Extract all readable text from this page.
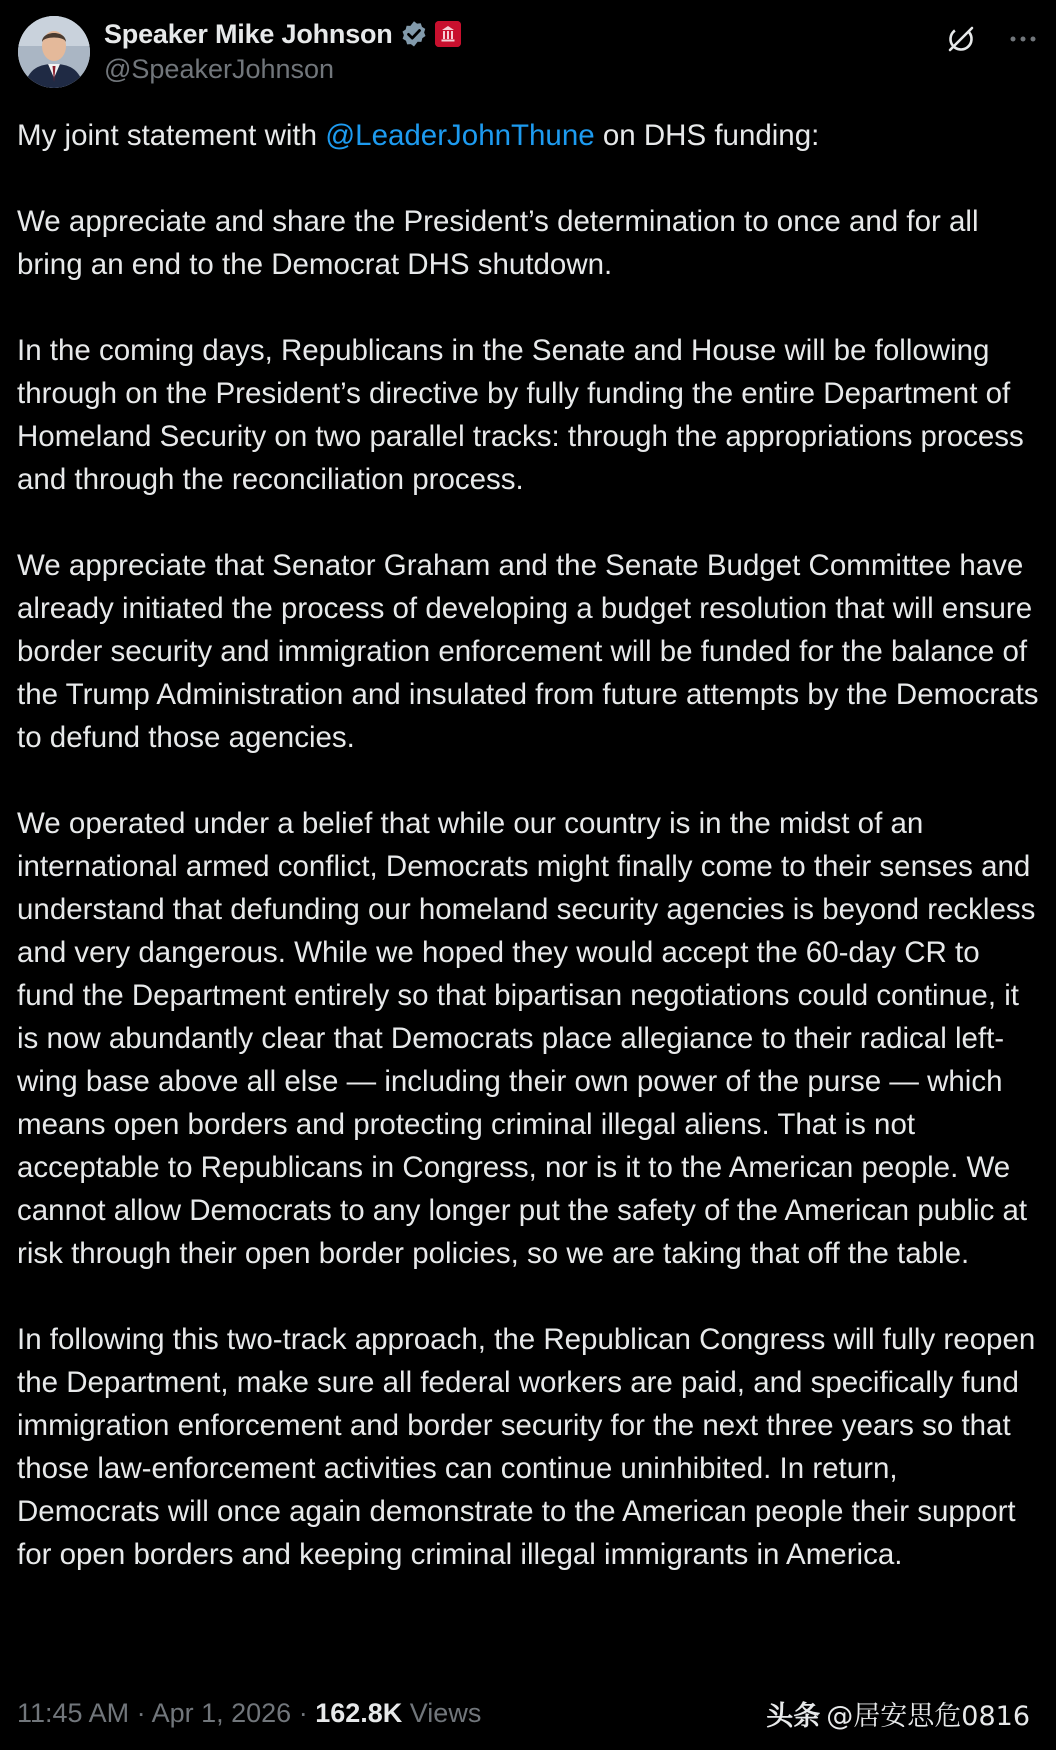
Speaker Mike Johnson
@SpeakerJohnson

My joint statement with @LeaderJohnThune on DHS funding:

We appreciate and share the President’s determination to once and for all bring an end to the Democrat DHS shutdown.

In the coming days, Republicans in the Senate and House will be following through on the President’s directive by fully funding the entire Department of Homeland Security on two parallel tracks: through the appropriations process and through the reconciliation process.

We appreciate that Senator Graham and the Senate Budget Committee have already initiated the process of developing a budget resolution that will ensure border security and immigration enforcement will be funded for the balance of the Trump Administration and insulated from future attempts by the Democrats to defund those agencies.

We operated under a belief that while our country is in the midst of an international armed conflict, Democrats might finally come to their senses and understand that defunding our homeland security agencies is beyond reckless and very dangerous. While we hoped they would accept the 60-day CR to fund the Department entirely so that bipartisan negotiations could continue, it is now abundantly clear that Democrats place allegiance to their radical left-wing base above all else — including their own power of the purse — which means open borders and protecting criminal illegal aliens. That is not acceptable to Republicans in Congress, nor is it to the American people. We cannot allow Democrats to any longer put the safety of the American public at risk through their open border policies, so we are taking that off the table.

In following this two-track approach, the Republican Congress will fully reopen the Department, make sure all federal workers are paid, and specifically fund immigration enforcement and border security for the next three years so that those law-enforcement activities can continue uninhibited. In return, Democrats will once again demonstrate to the American people their support for open borders and keeping criminal illegal immigrants in America.

11:45 AM · Apr 1, 2026 · 162.8K Views	头条 @居安思危0816
